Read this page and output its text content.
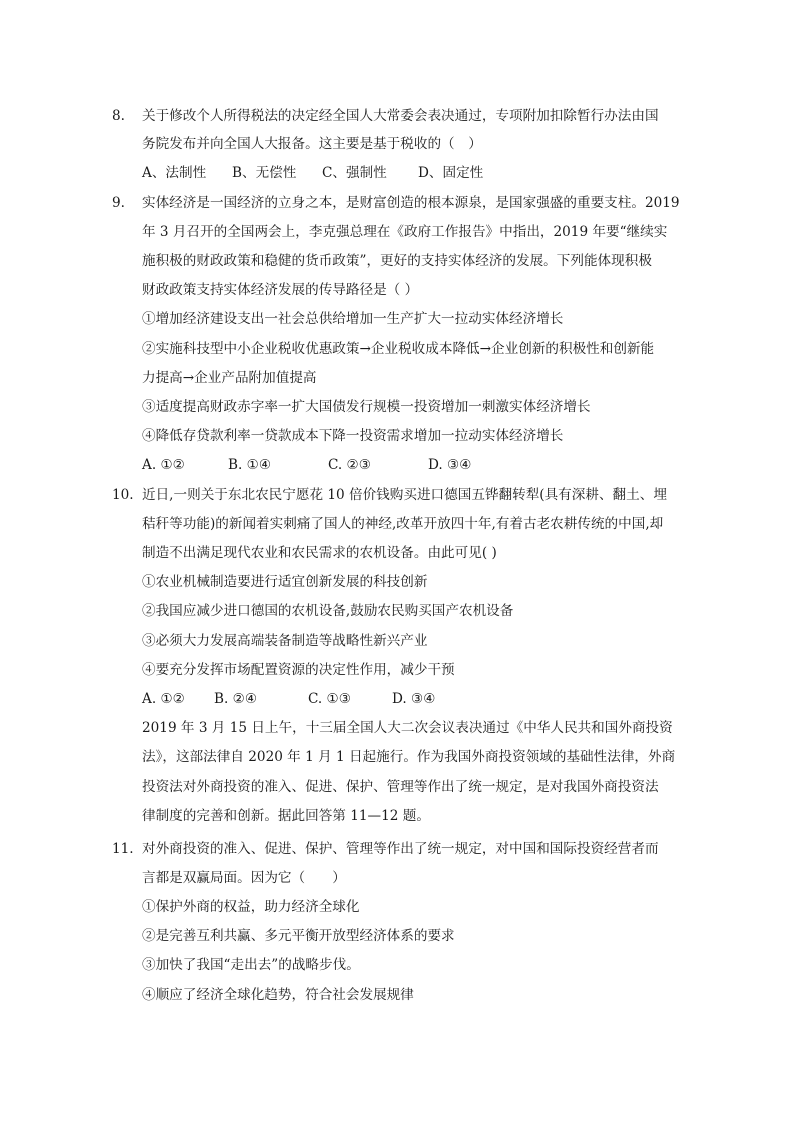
8.	关于修改个人所得税法的决定经全国人大常委会表决通过，专项附加扣除暂行办法由国
务院发布并向全国人大报备。这主要是基于税收的（　）
A、法制性 B、无偿性 C、强制性 D、固定性
9.	实体经济是一国经济的立身之本，是财富创造的根本源泉，是国家强盛的重要支柱。2019
年 3 月召开的全国两会上，李克强总理在《政府工作报告》中指出，2019 年要“继续实
施积极的财政政策和稳健的货币政策”，更好的支持实体经济的发展。下列能体现积极
财政政策支持实体经济发展的传导路径是（ ）
①增加经济建设支出一社会总供给增加一生产扩大一拉动实体经济增长
②实施科技型中小企业税收优惠政策→企业税收成本降低→企业创新的积极性和创新能
力提高→企业产品附加值提高
③适度提高财政赤字率一扩大国债发行规模一投资增加一刺激实体经济增长
④降低存贷款利率一贷款成本下降一投资需求增加一拉动实体经济增长
A. ①②	B. ①④	C. ②③	D. ③④
10. 近日,一则关于东北农民宁愿花 10 倍价钱购买进口德国五铧翻转犁(具有深耕、翻土、埋
秸秆等功能)的新闻着实刺痛了国人的神经,改革开放四十年,有着古老农耕传统的中国,却
制造不出满足现代农业和农民需求的农机设备。由此可见( )
①农业机械制造要进行适宜创新发展的科技创新
②我国应减少进口德国的农机设备,鼓励农民购买国产农机设备
③必须大力发展高端装备制造等战略性新兴产业
④要充分发挥市场配置资源的决定性作用，减少干预
A. ①② B. ②④	C. ①③	D. ③④
2019 年 3 月 15 日上午，十三届全国人大二次会议表决通过《中华人民共和国外商投资
法》，这部法律自 2020 年 1 月 1 日起施行。作为我国外商投资领域的基础性法律，外商
投资法对外商投资的准入、促进、保护、管理等作出了统一规定，是对我国外商投资法
律制度的完善和创新。据此回答第 11—12 题。
11. 对外商投资的准入、促进、保护、管理等作出了统一规定，对中国和国际投资经营者而
言都是双赢局面。因为它（　　）
①保护外商的权益，助力经济全球化
②是完善互利共赢、多元平衡开放型经济体系的要求
③加快了我国“走出去”的战略步伐。
④顺应了经济全球化趋势，符合社会发展规律
